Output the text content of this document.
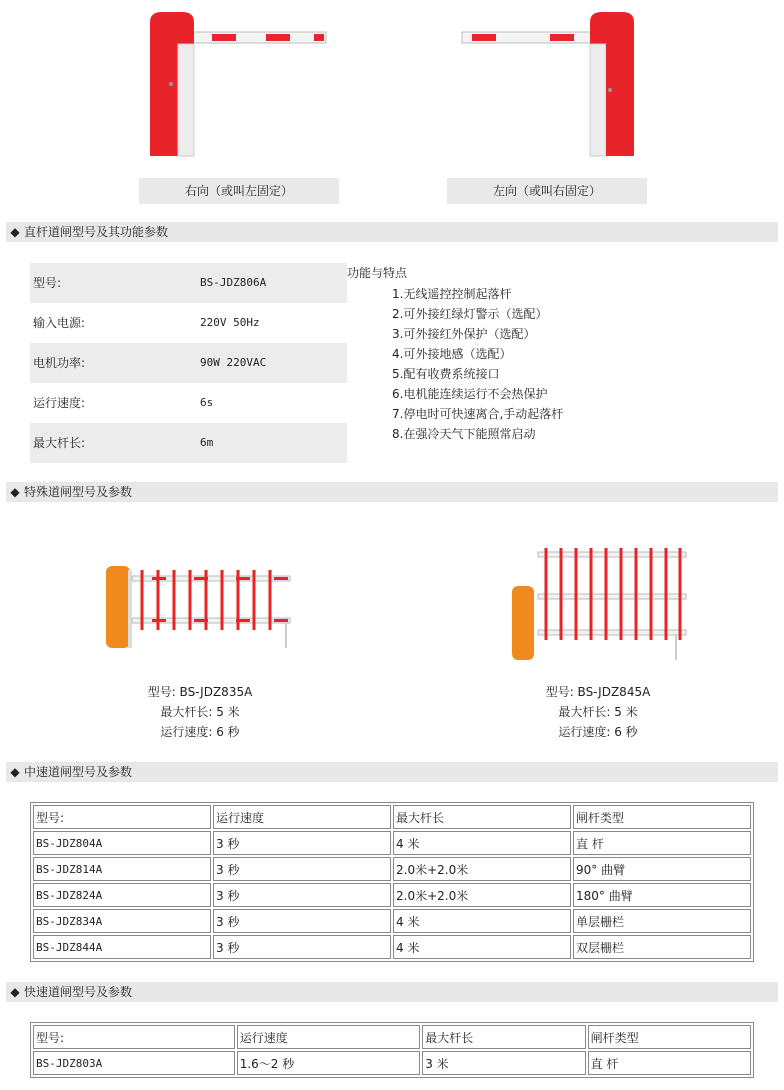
右向（或叫左固定）	左向（或叫右固定）
◆ 直杆道闸型号及其功能参数
型号:	BS-JDZ806A
输入电源:	220V 50Hz
电机功率:	90W 220VAC
运行速度:	6s
最大杆长:	6m
功能与特点
1.无线遥控控制起落杆
2.可外接红绿灯警示（选配）
3.可外接红外保护（选配）
4.可外接地感（选配）
5.配有收费系统接口
6.电机能连续运行不会热保护
7.停电时可快速离合,手动起落杆
8.在强冷天气下能照常启动
◆ 特殊道闸型号及参数
型号: BS-JDZ835A
最大杆长: 5 米
运行速度: 6 秒
型号: BS-JDZ845A
最大杆长: 5 米
运行速度: 6 秒
◆ 中速道闸型号及参数
型号:	运行速度	最大杆长	闸杆类型
BS-JDZ804A	3 秒	4 米	直 杆
BS-JDZ814A	3 秒	2.0米+2.0米	90° 曲臂
BS-JDZ824A	3 秒	2.0米+2.0米	180° 曲臂
BS-JDZ834A	3 秒	4 米	单层栅栏
BS-JDZ844A	3 秒	4 米	双层栅栏
◆ 快速道闸型号及参数
型号:	运行速度	最大杆长	闸杆类型
BS-JDZ803A	1.6～2 秒	3 米	直 杆
